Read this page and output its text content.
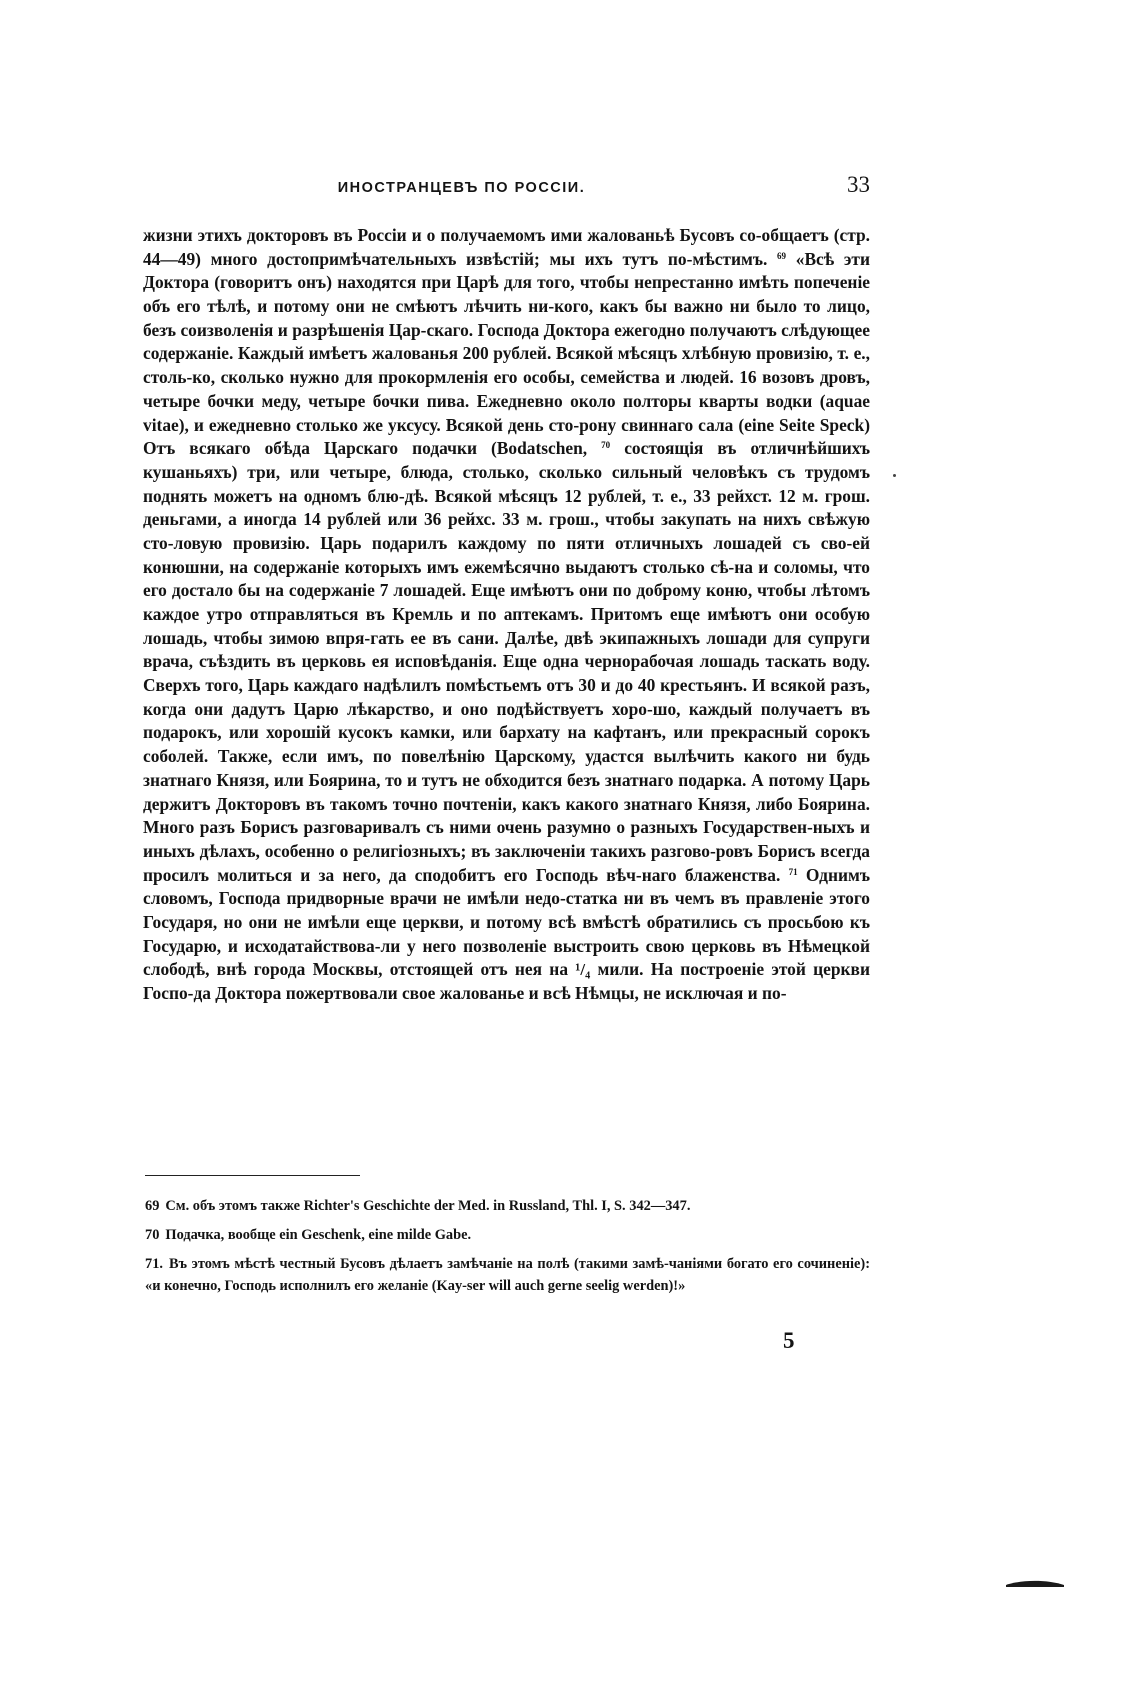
ИНОСТРАНЦЕВЪ ПО РОССIИ.	33

жизни этихъ докторовъ въ Россiи и о получаемомъ ими жалованьѣ Буcовъ со-общаетъ (стр. 44—49) много достопримѣчательныхъ извѣстiй; мы ихъ тутъ по-мѣстимъ. $^{69}$ «Всѣ эти Доктора (говоритъ онъ) находятся при Царѣ для того, чтобы непрестанно имѣть попеченiе объ его тѣлѣ, и потому они не смѣютъ лѣчить ни-кого, какъ бы важно ни было то лицо, безъ соизволенiя и разрѣшенiя Цар-скаго. Господа Доктора ежегодно получаютъ слѣдующее содержанiе. Каждый имѣетъ жалованья 200 рублей. Всякой мѣсяцъ хлѣбную провизiю, т. е., столь-ко, сколько нужно для прокормленiя его особы, семейства и людей. 16 возовъ дровъ, четыре бочки меду, четыре бочки пива. Ежедневно около полторы кварты водки (aquae vitae), и ежедневно столько же уксусу. Всякой день сто-рону свиннаго сала (eine Seite Speck) Отъ всякаго обѣда Царскаго подачки (Bodatschen, $^{70}$ состоящiя въ отличнѣйшихъ кушаньяхъ) три, или четыре, блюда, столько, сколько сильный человѣкъ съ трудомъ поднять можетъ на одномъ блю-дѣ. Всякой мѣсяцъ 12 рублей, т. е., 33 рейхст. 12 м. грош. деньгами, а иногда 14 рублей или 36 рейхс. 33 м. грош., чтобы закупать на нихъ свѣжую сто-ловую провизiю. Царь подарилъ каждому по пяти отличныхъ лошадей съ сво-ей конюшни, на содержанiе которыхъ имъ ежемѣсячно выдаютъ столько сѣ-на и соломы, что его достало бы на содержанiе 7 лошадей. Еще имѣютъ они по доброму коню, чтобы лѣтомъ каждое утро отправляться въ Кремль и по аптекамъ. Притомъ еще имѣютъ они особую лошадь, чтобы зимою впря-гать ее въ сани. Далѣе, двѣ экипажныхъ лошади для супруги врача, съѣздить въ церковь ея исповѣданiя. Еще одна чернорабочая лошадь таскать воду. Сверхъ того, Царь каждаго надѣлилъ помѣстьемъ отъ 30 и до 40 крестьянъ. И всякой разъ, когда они дадутъ Царю лѣкарство, и оно подѣйствуетъ хоро-шо, каждый получаетъ въ подарокъ, или хорошiй кусокъ камки, или бархату на кафтанъ, или прекрасный сорокъ соболей. Также, если имъ, по повелѣнiю Царскому, удастся вылѣчить какого ни будь знатнаго Князя, или Боярина, то и тутъ не обходится безъ знатнаго подарка. А потому Царь держитъ Докторовъ въ такомъ точно почтенiи, какъ какого знатнаго Князя, либо Боярина. Много разъ Борисъ разговаривалъ съ ними очень разумно о разныхъ Государствен-ныхъ и иныхъ дѣлахъ, особенно о религiозныхъ; въ заключенiи такихъ разгово-ровъ Борисъ всегда просилъ молиться и за него, да сподобитъ его Господь вѣч-наго блаженства. $^{71}$ Однимъ словомъ, Господа придворные врачи не имѣли недо-статка ни въ чемъ въ правленiе этого Государя, но они не имѣли еще церкви, и потому всѣ вмѣстѣ обратились съ просьбою къ Государю, и исходатайствова-ли у него позволенiе выстроить свою церковь въ Нѣмецкой слободѣ, внѣ города Москвы, отстоящей отъ нея на ¹/₄ мили. На построенiе этой церкви Госпо-да Доктора пожертвовали свое жалованье и всѣ Нѣмцы, не исключая и по-

69 См. объ этомъ также Richter's Geschichte der Med. in Russland, Thl. I, S. 342—347.

70 Подачка, вообще ein Geschenk, eine milde Gabe.

71. Въ этомъ мѣстѣ честный Бусовъ дѣлаетъ замѣчанiе на полѣ (такими замѣ-чанiями богато его сочиненiе): «и конечно, Господь исполнилъ его желанiе (Kay-ser will auch gerne seelig werden)!»

5
